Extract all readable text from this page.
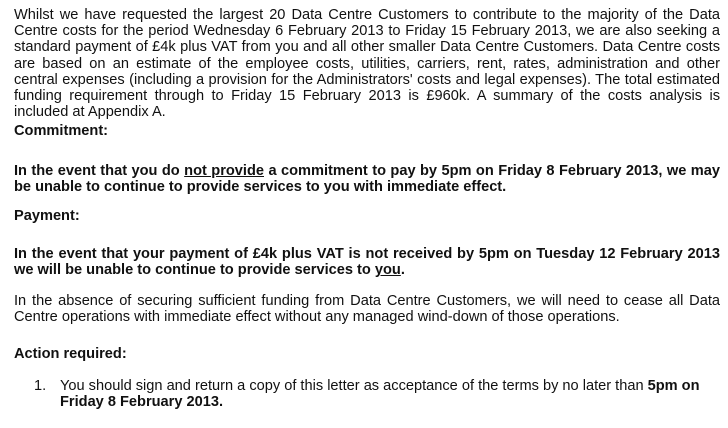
Whilst we have requested the largest 20 Data Centre Customers to contribute to the majority of the Data Centre costs for the period Wednesday 6 February 2013 to Friday 15 February 2013, we are also seeking a standard payment of £4k plus VAT from you and all other smaller Data Centre Customers. Data Centre costs are based on an estimate of the employee costs, utilities, carriers, rent, rates, administration and other central expenses (including a provision for the Administrators' costs and legal expenses). The total estimated funding requirement through to Friday 15 February 2013 is £960k. A summary of the costs analysis is included at Appendix A.

Commitment:

In the event that you do not provide a commitment to pay by 5pm on Friday 8 February 2013, we may be unable to continue to provide services to you with immediate effect.

Payment:

In the event that your payment of £4k plus VAT is not received by 5pm on Tuesday 12 February 2013 we will be unable to continue to provide services to you.

In the absence of securing sufficient funding from Data Centre Customers, we will need to cease all Data Centre operations with immediate effect without any managed wind-down of those operations.

Action required:

1. You should sign and return a copy of this letter as acceptance of the terms by no later than 5pm on Friday 8 February 2013.
